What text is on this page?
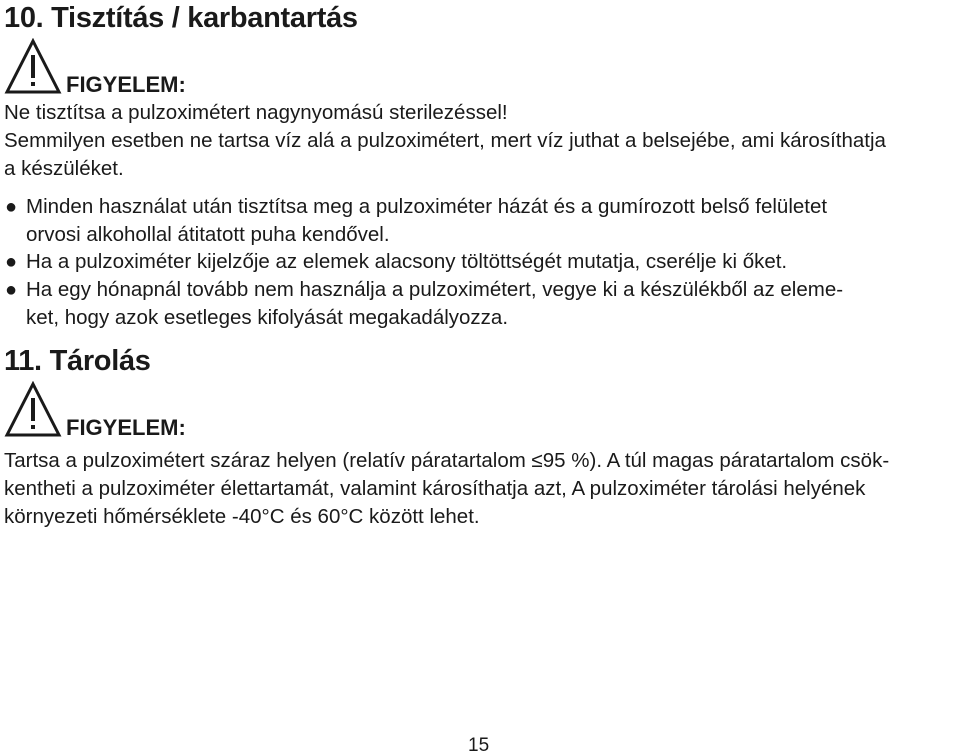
10. Tisztítás / karbantartás
FIGYELEM:
Ne tisztítsa a pulzoximétert nagynyomású sterilezéssel!
Semmilyen esetben ne tartsa víz alá a pulzoximétert, mert víz juthat a belsejébe, ami károsíthatja
a készüléket.
● Minden használat után tisztítsa meg a pulzoximéter házát és a gumírozott belső felületet
orvosi alkohollal átitatott puha kendővel.
● Ha a pulzoximéter kijelzője az elemek alacsony töltöttségét mutatja, cserélje ki őket.
● Ha egy hónapnál tovább nem használja a pulzoximétert, vegye ki a készülékből az eleme-
ket, hogy azok esetleges kifolyását megakadályozza.
11. Tárolás
FIGYELEM:
Tartsa a pulzoximétert száraz helyen (relatív páratartalom ≤95 %). A túl magas páratartalom csök-
kentheti a pulzoximéter élettartamát, valamint károsíthatja azt, A pulzoximéter tárolási helyének
környezeti hőmérséklete -40°C és 60°C között lehet.
15
